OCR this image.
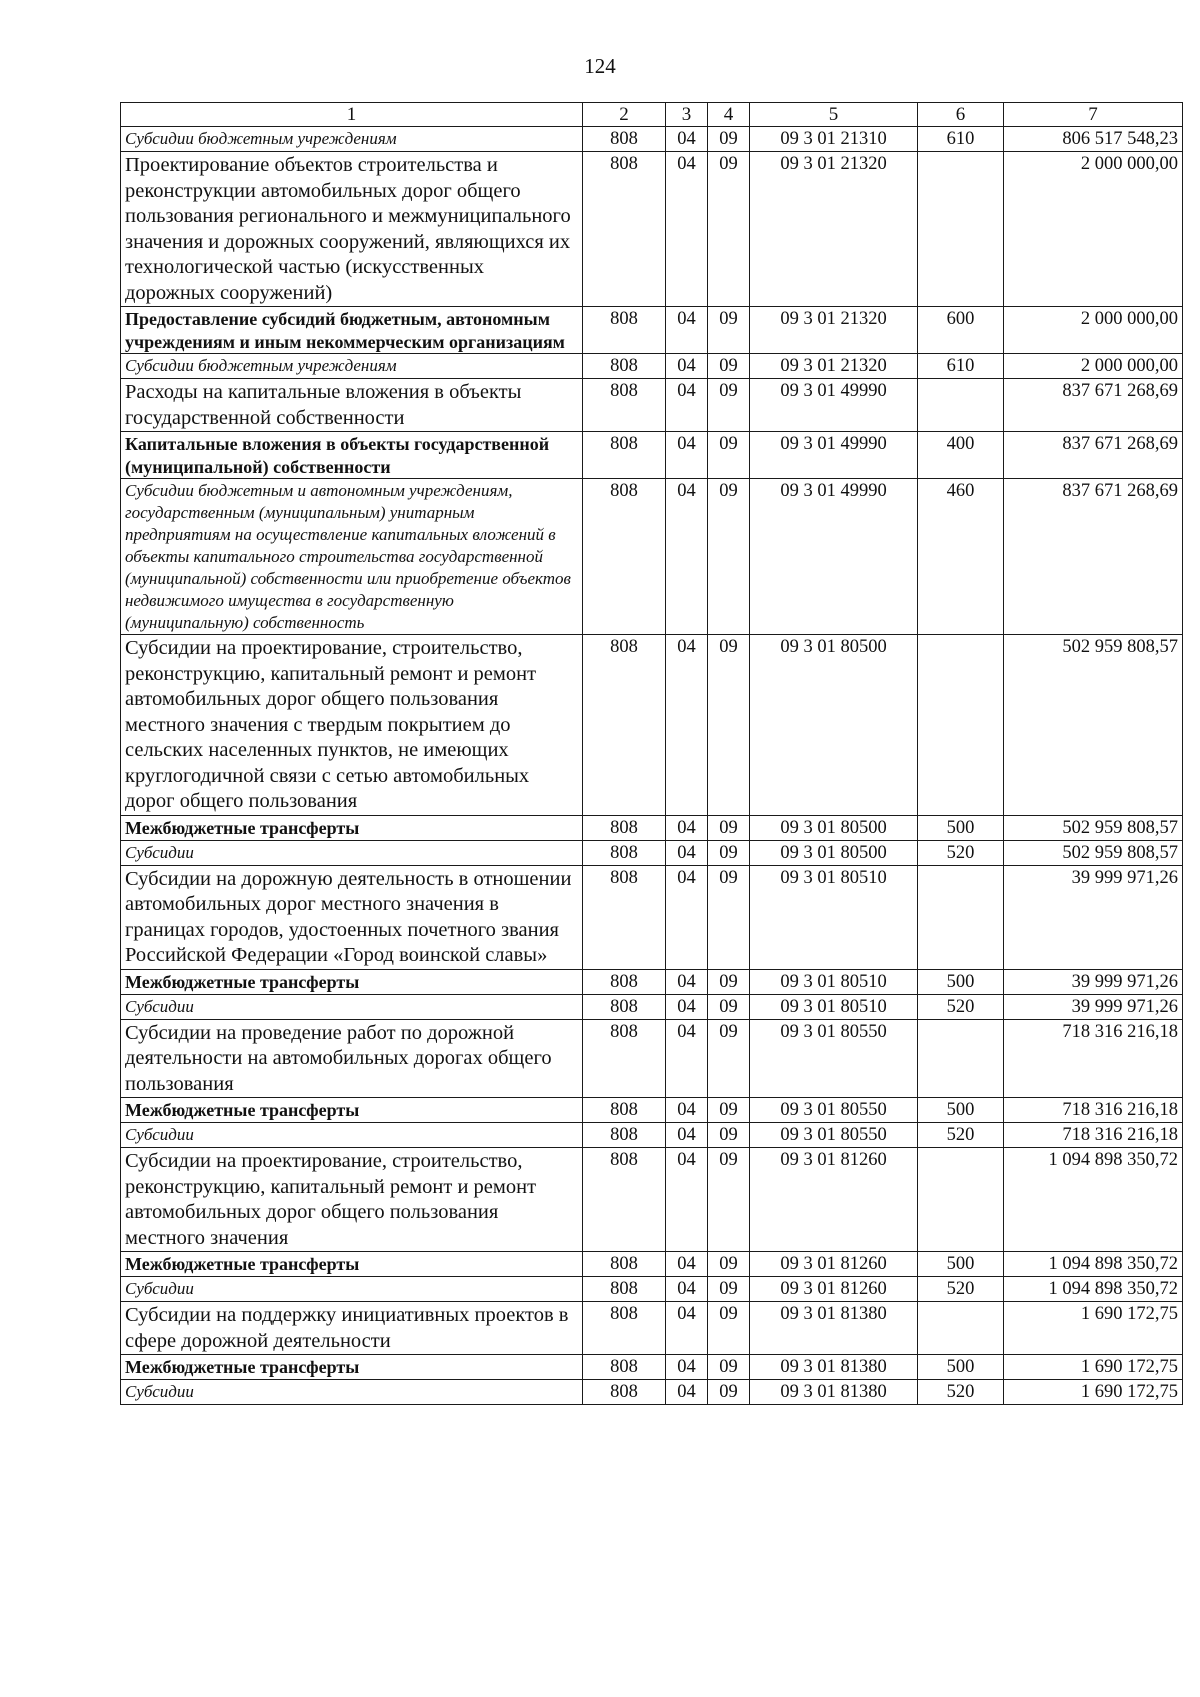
124
1	2	3	4	5	6	7
Субсидии бюджетным учреждениям	808	04	09	09 3 01 21310	610	806 517 548,23
Проектирование объектов строительства и реконструкции автомобильных дорог общего пользования регионального и межмуниципального значения и дорожных сооружений, являющихся их технологической частью (искусственных дорожных сооружений)	808	04	09	09 3 01 21320		2 000 000,00
Предоставление субсидий бюджетным, автономным учреждениям и иным некоммерческим организациям	808	04	09	09 3 01 21320	600	2 000 000,00
Субсидии бюджетным учреждениям	808	04	09	09 3 01 21320	610	2 000 000,00
Расходы на капитальные вложения в объекты государственной собственности	808	04	09	09 3 01 49990		837 671 268,69
Капитальные вложения в объекты государственной (муниципальной) собственности	808	04	09	09 3 01 49990	400	837 671 268,69
Субсидии бюджетным и автономным учреждениям, государственным (муниципальным) унитарным предприятиям на осуществление капитальных вложений в объекты капитального строительства государственной (муниципальной) собственности или приобретение объектов недвижимого имущества в государственную (муниципальную) собственность	808	04	09	09 3 01 49990	460	837 671 268,69
Субсидии на проектирование, строительство, реконструкцию, капитальный ремонт и ремонт автомобильных дорог общего пользования местного значения с твердым покрытием до сельских населенных пунктов, не имеющих круглогодичной связи с сетью автомобильных дорог общего пользования	808	04	09	09 3 01 80500		502 959 808,57
Межбюджетные трансферты	808	04	09	09 3 01 80500	500	502 959 808,57
Субсидии	808	04	09	09 3 01 80500	520	502 959 808,57
Субсидии на дорожную деятельность в отношении автомобильных дорог местного значения в границах городов, удостоенных почетного звания Российской Федерации «Город воинской славы»	808	04	09	09 3 01 80510		39 999 971,26
Межбюджетные трансферты	808	04	09	09 3 01 80510	500	39 999 971,26
Субсидии	808	04	09	09 3 01 80510	520	39 999 971,26
Субсидии на проведение работ по дорожной деятельности на автомобильных дорогах общего пользования	808	04	09	09 3 01 80550		718 316 216,18
Межбюджетные трансферты	808	04	09	09 3 01 80550	500	718 316 216,18
Субсидии	808	04	09	09 3 01 80550	520	718 316 216,18
Субсидии на проектирование, строительство, реконструкцию, капитальный ремонт и ремонт автомобильных дорог общего пользования местного значения	808	04	09	09 3 01 81260		1 094 898 350,72
Межбюджетные трансферты	808	04	09	09 3 01 81260	500	1 094 898 350,72
Субсидии	808	04	09	09 3 01 81260	520	1 094 898 350,72
Субсидии на поддержку инициативных проектов в сфере дорожной деятельности	808	04	09	09 3 01 81380		1 690 172,75
Межбюджетные трансферты	808	04	09	09 3 01 81380	500	1 690 172,75
Субсидии	808	04	09	09 3 01 81380	520	1 690 172,75
